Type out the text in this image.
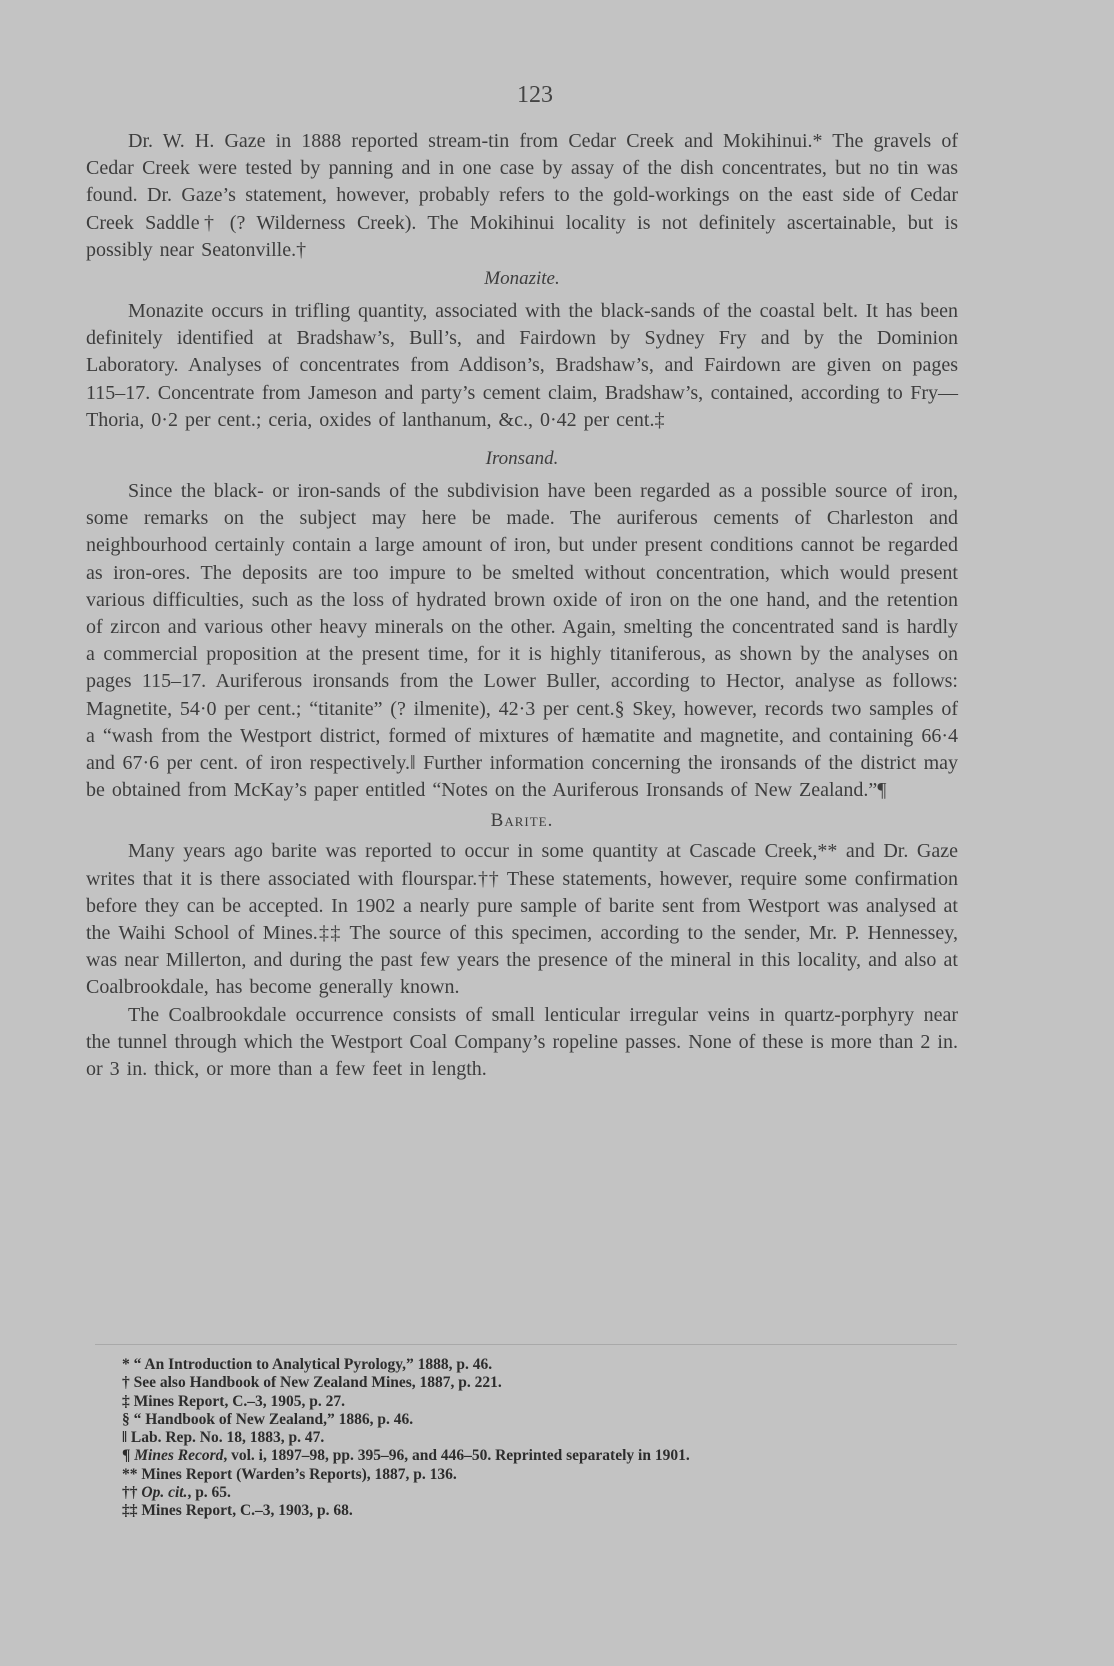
123

Dr. W. H. Gaze in 1888 reported stream-tin from Cedar Creek and Mokihinui.* The gravels of Cedar Creek were tested by panning and in one case by assay of the dish concentrates, but no tin was found. Dr. Gaze’s statement, however, probably refers to the gold-workings on the east side of Cedar Creek Saddle† (? Wilderness Creek). The Mokihinui locality is not definitely ascertainable, but is possibly near Seatonville.†

Monazite.

Monazite occurs in trifling quantity, associated with the black-sands of the coastal belt. It has been definitely identified at Bradshaw’s, Bull’s, and Fairdown by Sydney Fry and by the Dominion Laboratory. Analyses of concentrates from Addison’s, Bradshaw’s, and Fairdown are given on pages 115–17. Concentrate from Jameson and party’s cement claim, Bradshaw’s, contained, according to Fry—Thoria, 0·2 per cent.; ceria, oxides of lanthanum, &c., 0·42 per cent.‡

Ironsand.

Since the black- or iron-sands of the subdivision have been regarded as a possible source of iron, some remarks on the subject may here be made. The auriferous cements of Charleston and neighbourhood certainly contain a large amount of iron, but under present conditions cannot be regarded as iron-ores. The deposits are too impure to be smelted without concentration, which would present various difficulties, such as the loss of hydrated brown oxide of iron on the one hand, and the retention of zircon and various other heavy minerals on the other. Again, smelting the concentrated sand is hardly a commercial proposition at the present time, for it is highly titaniferous, as shown by the analyses on pages 115–17. Auriferous ironsands from the Lower Buller, according to Hector, analyse as follows: Magnetite, 54·0 per cent.; “titanite” (? ilmenite), 42·3 per cent.§ Skey, however, records two samples of a “wash from the Westport district, formed of mixtures of hæmatite and magnetite, and containing 66·4 and 67·6 per cent. of iron respectively.‖ Further information concerning the ironsands of the district may be obtained from McKay’s paper entitled “Notes on the Auriferous Ironsands of New Zealand.”¶

Barite.

Many years ago barite was reported to occur in some quantity at Cascade Creek,** and Dr. Gaze writes that it is there associated with flourspar.†† These statements, however, require some confirmation before they can be accepted. In 1902 a nearly pure sample of barite sent from Westport was analysed at the Waihi School of Mines.‡‡ The source of this specimen, according to the sender, Mr. P. Hennessey, was near Millerton, and during the past few years the presence of the mineral in this locality, and also at Coalbrookdale, has become generally known.

The Coalbrookdale occurrence consists of small lenticular irregular veins in quartz-porphyry near the tunnel through which the Westport Coal Company’s ropeline passes. None of these is more than 2 in. or 3 in. thick, or more than a few feet in length.

* “ An Introduction to Analytical Pyrology,” 1888, p. 46.
† See also Handbook of New Zealand Mines, 1887, p. 221.
‡ Mines Report, C.–3, 1905, p. 27.
§ “ Handbook of New Zealand,” 1886, p. 46.
‖ Lab. Rep. No. 18, 1883, p. 47.
¶ Mines Record, vol. i, 1897–98, pp. 395–96, and 446–50. Reprinted separately in 1901.
** Mines Report (Warden’s Reports), 1887, p. 136.
†† Op. cit., p. 65.
‡‡ Mines Report, C.–3, 1903, p. 68.
